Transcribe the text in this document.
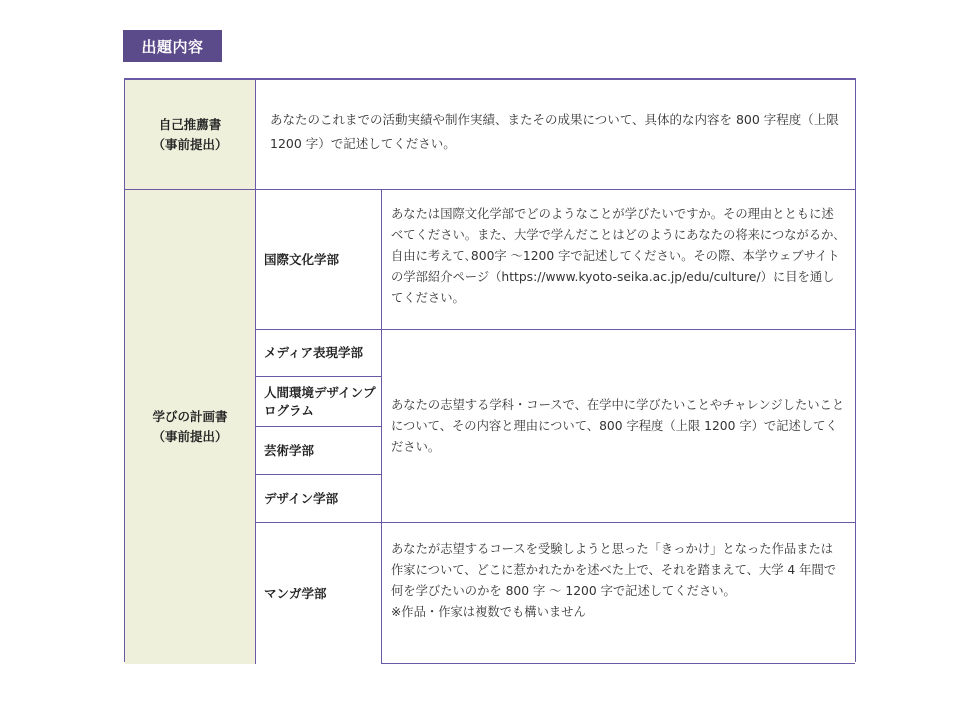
出題内容
自己推薦書
（事前提出）
あなたのこれまでの活動実績や制作実績、またその成果について、具体的な内容を 800 字程度（上限 1200 字）で記述してください。
学びの計画書
（事前提出）
国際文化学部
あなたは国際文化学部でどのようなことが学びたいですか。その理由とともに述べてください。また、大学で学んだことはどのようにあなたの将来につながるか､自由に考えて､800字 〜1200 字で記述してください。その際、本学ウェブサイトの学部紹介ページ（https://www.kyoto-seika.ac.jp/edu/culture/）に目を通してください。
メディア表現学部
人間環境デザインプログラム
芸術学部
デザイン学部
あなたの志望する学科・コースで、在学中に学びたいことやチャレンジしたいことについて、その内容と理由について、800 字程度（上限 1200 字）で記述してください。
マンガ学部
あなたが志望するコースを受験しようと思った「きっかけ」となった作品または作家について、どこに惹かれたかを述べた上で、それを踏まえて、大学 4 年間で何を学びたいのかを 800 字 〜 1200 字で記述してください。
※作品・作家は複数でも構いません
